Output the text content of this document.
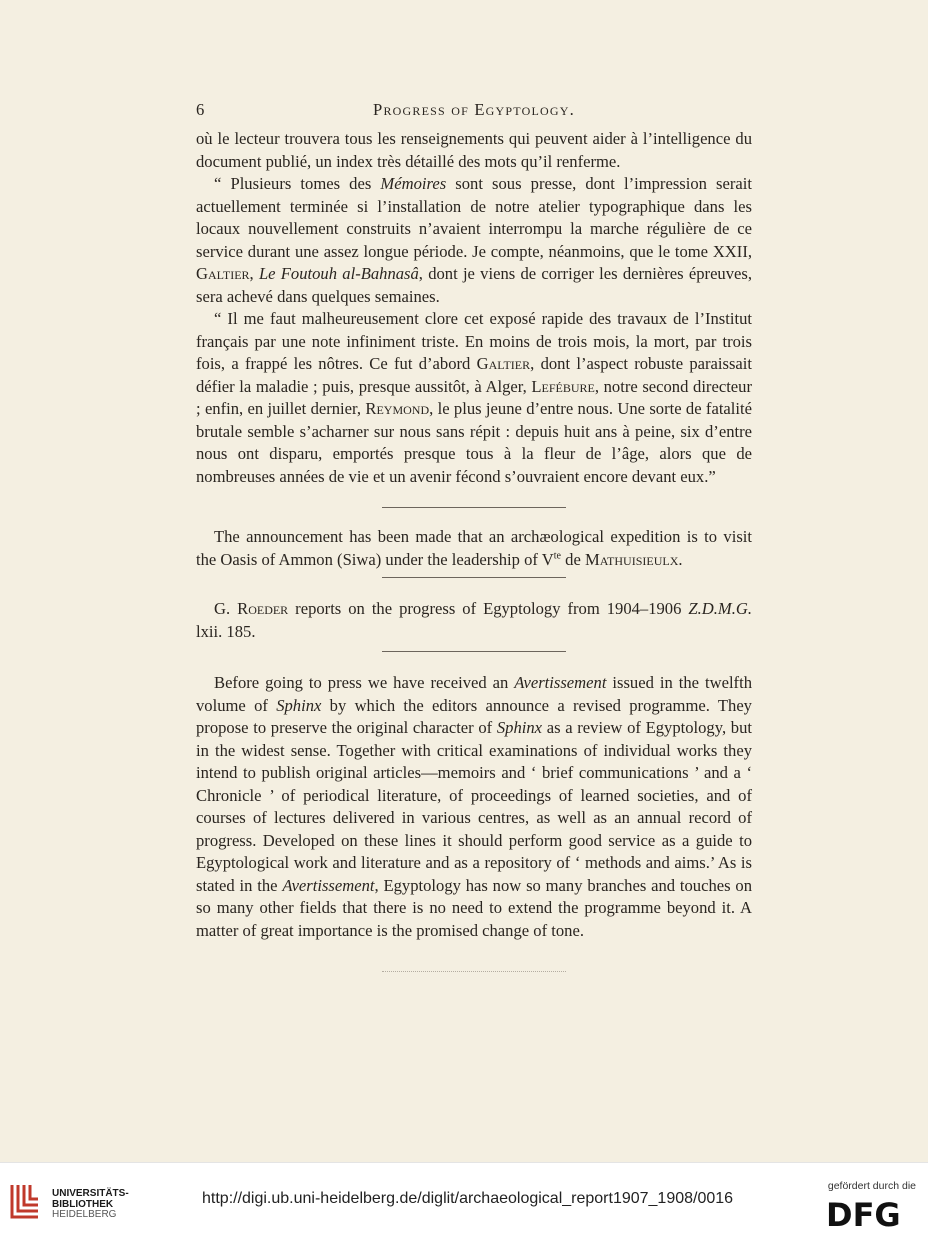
6	Progress of Egyptology.

où le lecteur trouvera tous les renseignements qui peuvent aider à l’intelligence du document publié, un index très détaillé des mots qu’il renferme.

“ Plusieurs tomes des Mémoires sont sous presse, dont l’impression serait actuellement terminée si l’installation de notre atelier typographique dans les locaux nouvellement construits n’avaient interrompu la marche régulière de ce service durant une assez longue période. Je compte, néanmoins, que le tome XXII, Galtier, Le Foutouh al-Bahnasâ, dont je viens de corriger les dernières épreuves, sera achevé dans quelques semaines.

“ Il me faut malheureusement clore cet exposé rapide des travaux de l’Institut français par une note infiniment triste. En moins de trois mois, la mort, par trois fois, a frappé les nôtres. Ce fut d’abord Galtier, dont l’aspect robuste paraissait défier la maladie ; puis, presque aussitôt, à Alger, Lefébure, notre second directeur ; enfin, en juillet dernier, Reymond, le plus jeune d’entre nous. Une sorte de fatalité brutale semble s’acharner sur nous sans répit : depuis huit ans à peine, six d’entre nous ont disparu, emportés presque tous à la fleur de l’âge, alors que de nombreuses années de vie et un avenir fécond s’ouvraient encore devant eux.”

The announcement has been made that an archæological expedition is to visit the Oasis of Ammon (Siwa) under the leadership of $V^{te}$ de Mathuisieulx.

G. Roeder reports on the progress of Egyptology from 1904–1906 Z.D.M.G. lxii. 185.

Before going to press we have received an Avertissement issued in the twelfth volume of Sphinx by which the editors announce a revised programme. They propose to preserve the original character of Sphinx as a review of Egyptology, but in the widest sense. Together with critical examinations of individual works they intend to publish original articles—memoirs and ‘ brief communications ’ and a ‘ Chronicle ’ of periodical literature, of proceedings of learned societies, and of courses of lectures delivered in various centres, as well as an annual record of progress. Developed on these lines it should perform good service as a guide to Egyptological work and literature and as a repository of ‘ methods and aims.’ As is stated in the Avertissement, Egyptology has now so many branches and touches on so many other fields that there is no need to extend the programme beyond it. A matter of great importance is the promised change of tone.

UNIVERSITÄTS-
BIBLIOTHEK
HEIDELBERG
http://digi.ub.uni-heidelberg.de/diglit/archaeological_report1907_1908/0016
gefördert durch die
DFG
